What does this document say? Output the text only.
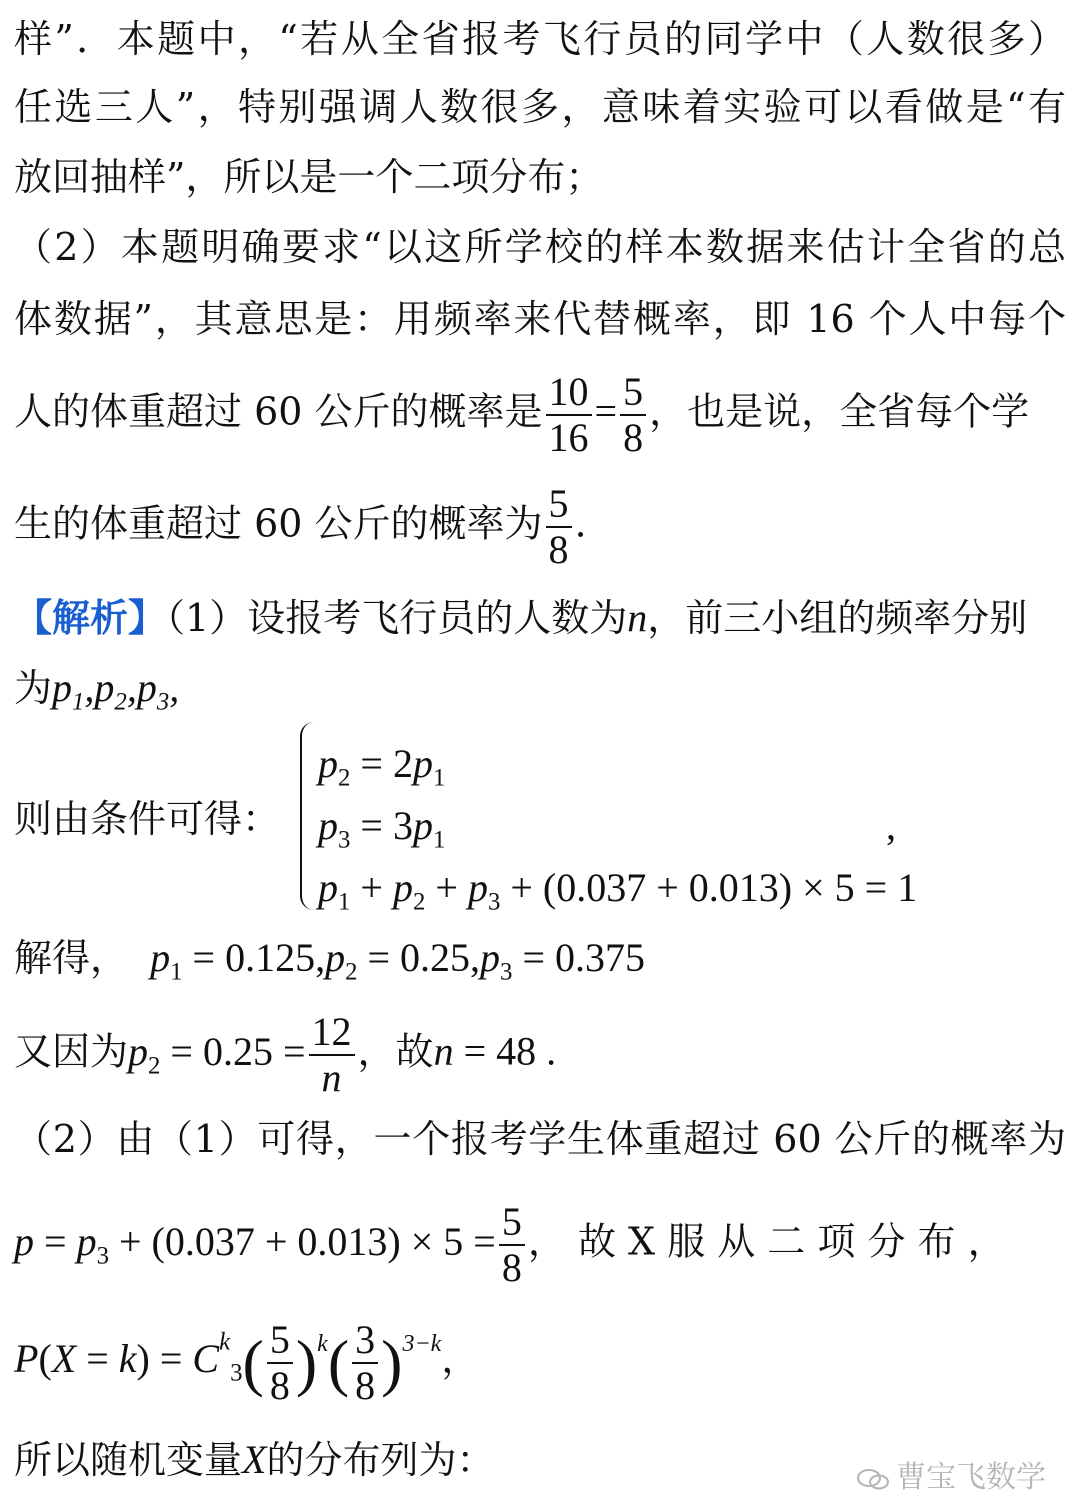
样”．本题中，“若从全省报考飞行员的同学中（人数很多）
任选三人”，特别强调人数很多，意味着实验可以看做是“有
放回抽样”，所以是一个二项分布；
（2）本题明确要求“以这所学校的样本数据来估计全省的总
体数据”，其意思是：用频率来代替概率，即 16 个人中每个
人的体重超过 60 公斤的概率是 $\frac{10}{16} = \frac{5}{8}$ ，也是说，全省每个学
生的体重超过 60 公斤的概率为 $\frac{5}{8}$ .
【解析】（1）设报考飞行员的人数为n，前三小组的频率分别
为$p_1,p_2,p_3$,
则由条件可得：
$p_2 = 2p_1$
$p_3 = 3p_1$
$p_1 + p_2 + p_3 + (0.037 + 0.013) \times 5 = 1$
,
解得， $p_1 = 0.125,p_2 = 0.25,p_3 = 0.375$
又因为$p_2 = 0.25 = \frac{12}{n}$ ，故n = 48 .
（2）由（1）可得，一个报考学生体重超过 60 公斤的概率为
$p = p_3 + (0.037 + 0.013) \times 5 = \frac{5}{8}$ ， 故 X 服 从 二 项 分 布 ，
$P(X = k) = C^k_3( \frac{5}{8} )k( \frac{3}{8} )3-k$，
所以随机变量X的分布列为：	曹宝飞数学
